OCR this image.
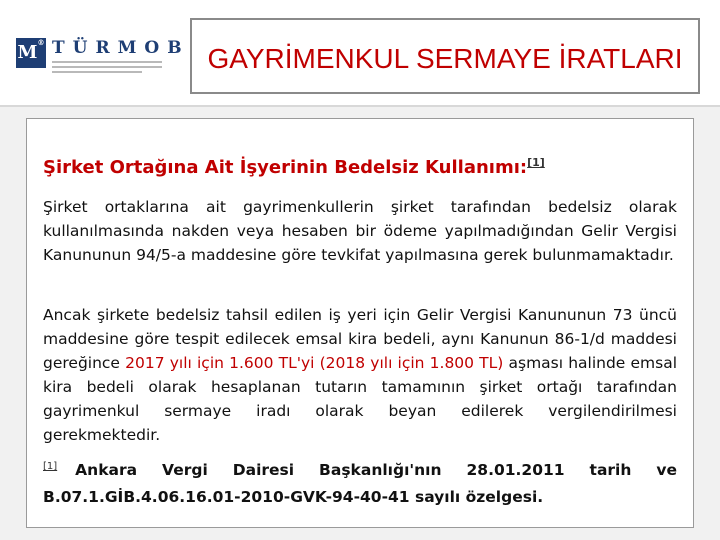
M® TÜRMOB GAYRİMENKUL SERMAYE İRATLARI
Şirket Ortağına Ait İşyerinin Bedelsiz Kullanımı:[1]
Şirket ortaklarına ait gayrimenkullerin şirket tarafından bedelsiz olarak kullanılmasında nakden veya hesaben bir ödeme yapılmadığından Gelir Vergisi Kanununun 94/5-a maddesine göre tevkifat yapılmasına gerek bulunmamaktadır.
Ancak şirkete bedelsiz tahsil edilen iş yeri için Gelir Vergisi Kanununun 73 üncü maddesine göre tespit edilecek emsal kira bedeli, aynı Kanunun 86-1/d maddesi gereğince 2017 yılı için 1.600 TL'yi (2018 yılı için 1.800 TL) aşması halinde emsal kira bedeli olarak hesaplanan tutarın tamamının şirket ortağı tarafından gayrimenkul sermaye iradı olarak beyan edilerek vergilendirilmesi gerekmektedir.
[1] Ankara Vergi Dairesi Başkanlığı'nın 28.01.2011 tarih ve B.07.1.GİB.4.06.16.01-2010-GVK-94-40-41 sayılı özelgesi.
